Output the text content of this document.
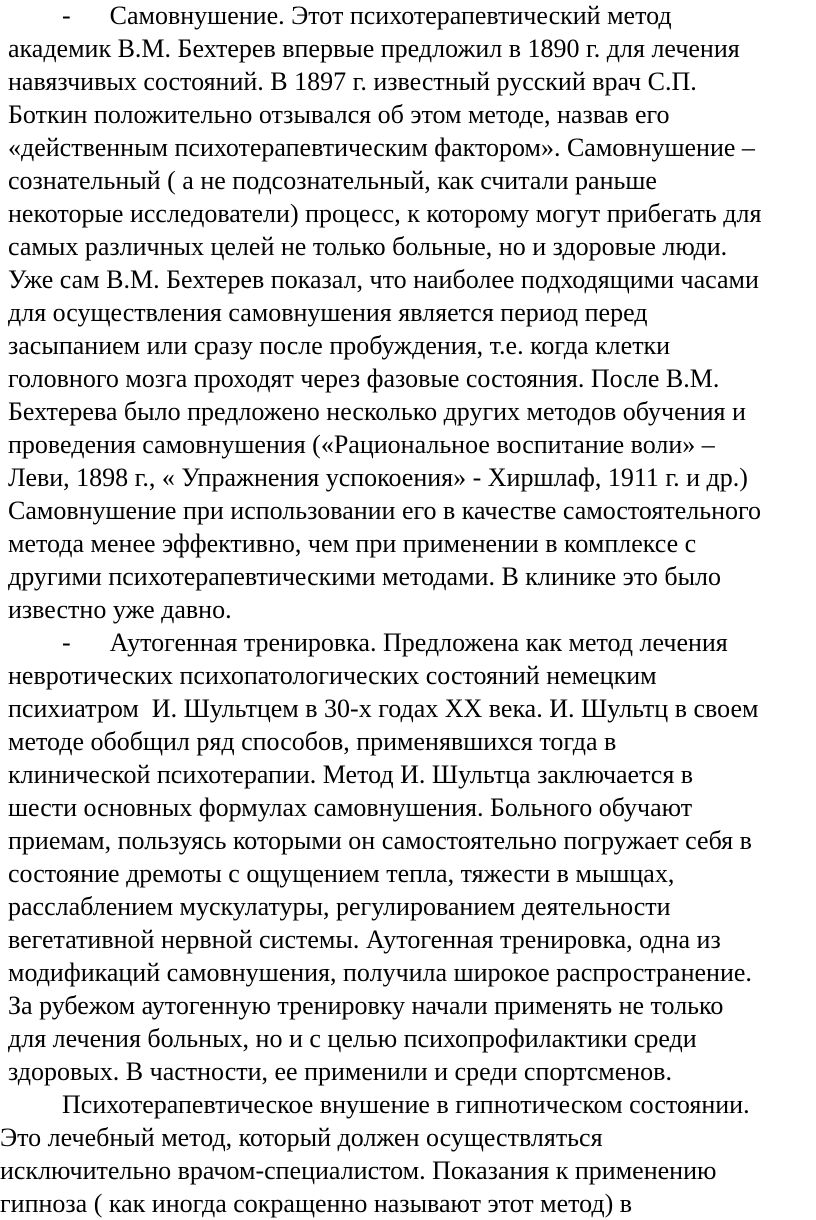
-      Самовнушение. Этот психотерапевтический метод
академик В.М. Бехтерев впервые предложил в 1890 г. для лечения
навязчивых состояний. В 1897 г. известный русский врач С.П.
Боткин положительно отзывался об этом методе, назвав его
«действенным психотерапевтическим фактором». Самовнушение –
сознательный ( а не подсознательный, как считали раньше
некоторые исследователи) процесс, к которому могут прибегать для
самых различных целей не только больные, но и здоровые люди.
Уже сам В.М. Бехтерев показал, что наиболее подходящими часами
для осуществления самовнушения является период перед
засыпанием или сразу после пробуждения, т.е. когда клетки
головного мозга проходят через фазовые состояния. После В.М.
Бехтерева было предложено несколько других методов обучения и
проведения самовнушения («Рациональное воспитание воли» –
Леви, 1898 г., « Упражнения успокоения» - Хиршлаф, 1911 г. и др.)
Самовнушение при использовании его в качестве самостоятельного
метода менее эффективно, чем при применении в комплексе с
другими психотерапевтическими методами. В клинике это было
известно уже давно.
-      Аутогенная тренировка. Предложена как метод лечения
невротических психопатологических состояний немецким
психиатром  И. Шультцем в 30-х годах XX века. И. Шультц в своем
методе обобщил ряд способов, применявшихся тогда в
клинической психотерапии. Метод И. Шультца заключается в
шести основных формулах самовнушения. Больного обучают
приемам, пользуясь которыми он самостоятельно погружает себя в
состояние дремоты с ощущением тепла, тяжести в мышцах,
расслаблением мускулатуры, регулированием деятельности
вегетативной нервной системы. Аутогенная тренировка, одна из
модификаций самовнушения, получила широкое распространение.
За рубежом аутогенную тренировку начали применять не только
для лечения больных, но и с целью психопрофилактики среди
здоровых. В частности, ее применили и среди спортсменов.
Психотерапевтическое внушение в гипнотическом состоянии.
Это лечебный метод, который должен осуществляться
исключительно врачом-специалистом. Показания к применению
гипноза ( как иногда сокращенно называют этот метод) в
